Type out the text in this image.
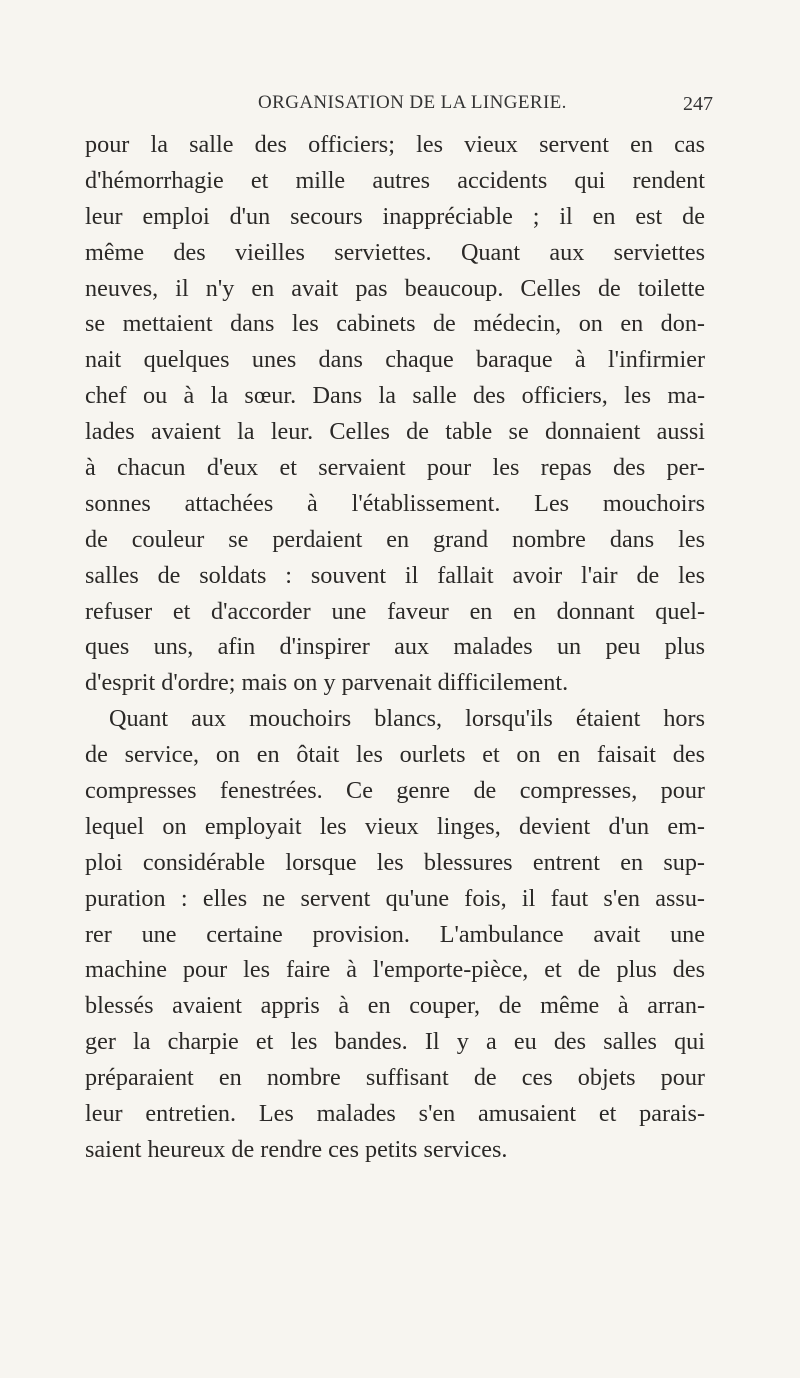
ORGANISATION DE LA LINGERIE.	247
pour la salle des officiers; les vieux servent en cas
d'hémorrhagie et mille autres accidents qui rendent
leur emploi d'un secours inappréciable ; il en est de
même des vieilles serviettes. Quant aux serviettes
neuves, il n'y en avait pas beaucoup. Celles de toilette
se mettaient dans les cabinets de médecin, on en don-
nait quelques unes dans chaque baraque à l'infirmier
chef ou à la sœur. Dans la salle des officiers, les ma-
lades avaient la leur. Celles de table se donnaient aussi
à chacun d'eux et servaient pour les repas des per-
sonnes attachées à l'établissement. Les mouchoirs
de couleur se perdaient en grand nombre dans les
salles de soldats : souvent il fallait avoir l'air de les
refuser et d'accorder une faveur en en donnant quel-
ques uns, afin d'inspirer aux malades un peu plus
d'esprit d'ordre; mais on y parvenait difficilement.
Quant aux mouchoirs blancs, lorsqu'ils étaient hors
de service, on en ôtait les ourlets et on en faisait des
compresses fenestrées. Ce genre de compresses, pour
lequel on employait les vieux linges, devient d'un em-
ploi considérable lorsque les blessures entrent en sup-
puration : elles ne servent qu'une fois, il faut s'en assu-
rer une certaine provision. L'ambulance avait une
machine pour les faire à l'emporte-pièce, et de plus des
blessés avaient appris à en couper, de même à arran-
ger la charpie et les bandes. Il y a eu des salles qui
préparaient en nombre suffisant de ces objets pour
leur entretien. Les malades s'en amusaient et parais-
saient heureux de rendre ces petits services.
